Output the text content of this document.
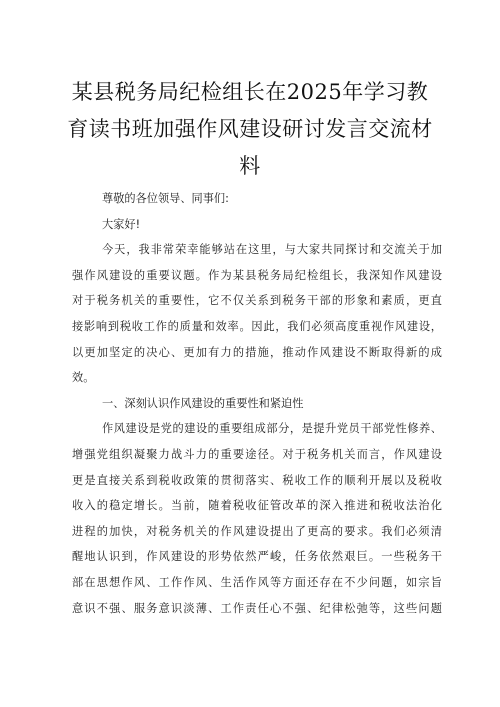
某县税务局纪检组长在2025年学习教
育读书班加强作风建设研讨发言交流材
料
尊敬的各位领导、同事们:
大家好!
今天，我非常荣幸能够站在这里，与大家共同探讨和交流关于加
强作风建设的重要议题。作为某县税务局纪检组长，我深知作风建设
对于税务机关的重要性，它不仅关系到税务干部的形象和素质，更直
接影响到税收工作的质量和效率。因此，我们必须高度重视作风建设，
以更加坚定的决心、更加有力的措施，推动作风建设不断取得新的成
效。
一、深刻认识作风建设的重要性和紧迫性
作风建设是党的建设的重要组成部分，是提升党员干部党性修养、
增强党组织凝聚力战斗力的重要途径。对于税务机关而言，作风建设
更是直接关系到税收政策的贯彻落实、税收工作的顺利开展以及税收
收入的稳定增长。当前，随着税收征管改革的深入推进和税收法治化
进程的加快，对税务机关的作风建设提出了更高的要求。我们必须清
醒地认识到，作风建设的形势依然严峻，任务依然艰巨。一些税务干
部在思想作风、工作作风、生活作风等方面还存在不少问题，如宗旨
意识不强、服务意识淡薄、工作责任心不强、纪律松弛等，这些问题
